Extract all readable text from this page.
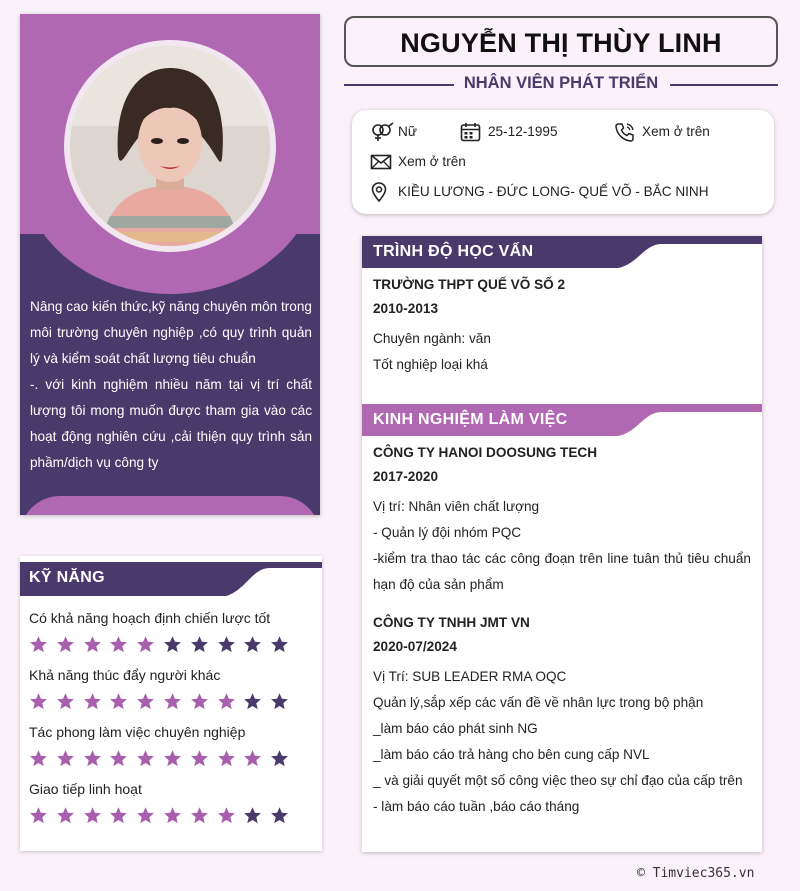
Nâng cao kiến thức,kỹ năng chuyên môn trong môi trường chuyên nghiệp ,có quy trình quản lý và kiểm soát chất lượng tiêu chuẩn

-. với kinh nghiệm nhiều năm tại vị trí chất lượng tôi mong muốn được tham gia vào các hoạt động nghiên cứu ,cải thiện quy trình sản phầm/dịch vụ công ty

KỸ NĂNG
Có khả năng hoạch định chiến lược tốt
Khả năng thúc đẩy người khác
Tác phong làm việc chuyên nghiệp
Giao tiếp linh hoạt
NGUYỄN THỊ THÙY LINH
NHÂN VIÊN PHÁT TRIỂN
Nữ	25-12-1995	Xem ở trên
Xem ở trên
KIỀU LƯƠNG - ĐỨC LONG- QUẾ VÕ - BẮC NINH
TRÌNH ĐỘ HỌC VẤN
TRƯỜNG THPT QUẾ VÕ SỐ 2
2010-2013
Chuyên ngành: văn
Tốt nghiệp loại khá
KINH NGHIỆM LÀM VIỆC
CÔNG TY HANOI DOOSUNG TECH
2017-2020
Vị trí: Nhân viên chất lượng
- Quản lý đội nhóm PQC
-kiểm tra thao tác các công đoạn trên line tuân thủ tiêu chuẩn hạn độ của sản phẩm
CÔNG TY TNHH JMT VN
2020-07/2024
Vị Trí: SUB LEADER RMA OQC
Quản lý,sắp xếp các vấn đề về nhân lực trong bộ phận
_làm báo cáo phát sinh NG
_làm báo cáo trả hàng cho bên cung cấp NVL
_ và giải quyết một số công việc theo sự chỉ đạo của cấp trên
- làm báo cáo tuần ,báo cáo tháng
© Timviec365.vn
